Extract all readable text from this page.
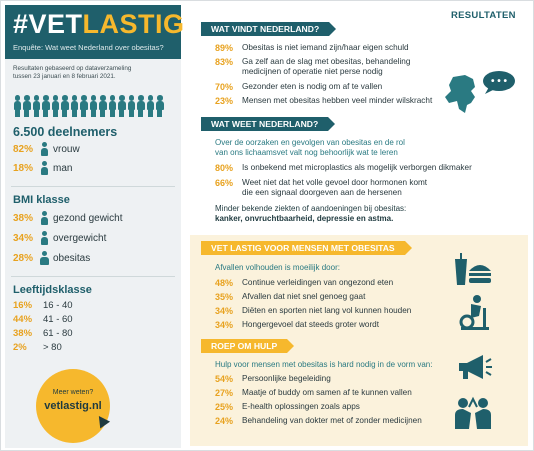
#VETLASTIG
Enquête: Wat weet Nederland over obesitas?
Resultaten gebaseerd op dataverzameling
tussen 23 januari en 8 februari 2021.
6.500 deelnemers
82%	vrouw
18%	man
BMI klasse
38%	gezond gewicht
34%	overgewicht
28%	obesitas
Leeftijdsklasse
16% 16 - 40
44% 41 - 60
38% 61 - 80
2% > 80
Meer weten?
vetlastig.nl
RESULTATEN
WAT VINDT NEDERLAND?
89% Obesitas is niet iemand zijn/haar eigen schuld
83% Ga zelf aan de slag met obesitas, behandeling
medicijnen of operatie niet perse nodig
70% Gezonder eten is nodig om af te vallen
23% Mensen met obesitas hebben veel minder wilskracht
• • •
WAT WEET NEDERLAND?
Over de oorzaken en gevolgen van obesitas en de rol
van ons lichaamsvet valt nog behoorlijk wat te leren
80% Is onbekend met microplastics als mogelijk verborgen dikmaker
66% Weet niet dat het volle gevoel door hormonen komt
die een signaal doorgeven aan de hersenen
Minder bekende ziekten of aandoeningen bij obesitas:
kanker, onvruchtbaarheid, depressie en astma.
VET LASTIG VOOR MENSEN MET OBESITAS
Afvallen volhouden is moeilijk door:
48% Continue verleidingen van ongezond eten
35% Afvallen dat niet snel genoeg gaat
34% Diëten en sporten niet lang vol kunnen houden
34% Hongergevoel dat steeds groter wordt
ROEP OM HULP
Hulp voor mensen met obesitas is hard nodig in de vorm van:
54% Persoonlijke begeleiding
27% Maatje of buddy om samen af te kunnen vallen
25% E-health oplossingen zoals apps
24% Behandeling van dokter met of zonder medicijnen
